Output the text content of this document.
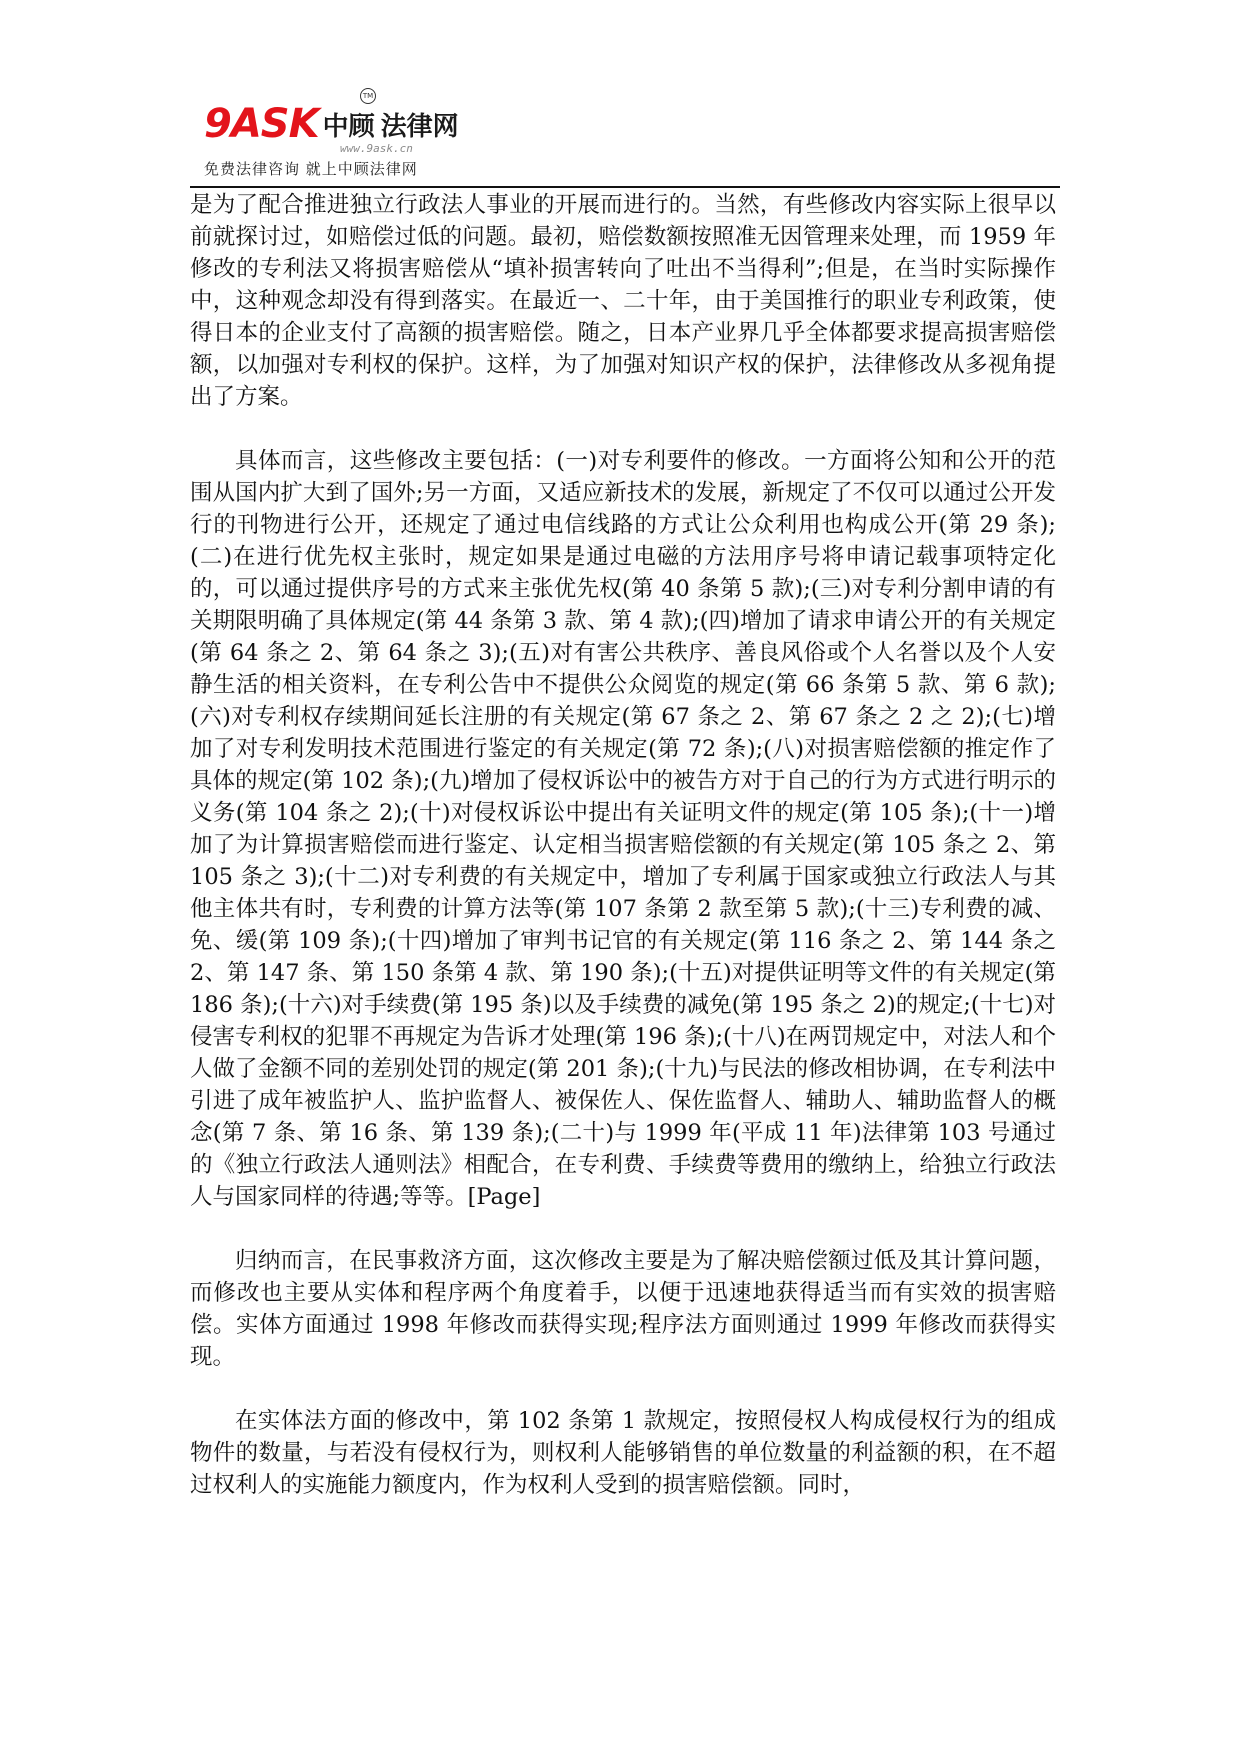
9ASK 中顾 法律网
TM
www.9ask.cn
免费法律咨询 就上中顾法律网

是为了配合推进独立行政法人事业的开展而进行的。当然，有些修改内容实际上很早以前就探讨过，如赔偿过低的问题。最初，赔偿数额按照准无因管理来处理，而 1959 年修改的专利法又将损害赔偿从“填补损害转向了吐出不当得利”;但是，在当时实际操作中，这种观念却没有得到落实。在最近一、二十年，由于美国推行的职业专利政策，使得日本的企业支付了高额的损害赔偿。随之，日本产业界几乎全体都要求提高损害赔偿额，以加强对专利权的保护。这样，为了加强对知识产权的保护，法律修改从多视角提出了方案。

具体而言，这些修改主要包括：(一)对专利要件的修改。一方面将公知和公开的范围从国内扩大到了国外;另一方面，又适应新技术的发展，新规定了不仅可以通过公开发行的刊物进行公开，还规定了通过电信线路的方式让公众利用也构成公开(第 29 条);(二)在进行优先权主张时，规定如果是通过电磁的方法用序号将申请记载事项特定化的，可以通过提供序号的方式来主张优先权(第 40 条第 5 款);(三)对专利分割申请的有关期限明确了具体规定(第 44 条第 3 款、第 4 款);(四)增加了请求申请公开的有关规定(第 64 条之 2、第 64 条之 3);(五)对有害公共秩序、善良风俗或个人名誉以及个人安静生活的相关资料，在专利公告中不提供公众阅览的规定(第 66 条第 5 款、第 6 款);(六)对专利权存续期间延长注册的有关规定(第 67 条之 2、第 67 条之 2 之 2);(七)增加了对专利发明技术范围进行鉴定的有关规定(第 72 条);(八)对损害赔偿额的推定作了具体的规定(第 102 条);(九)增加了侵权诉讼中的被告方对于自己的行为方式进行明示的义务(第 104 条之 2);(十)对侵权诉讼中提出有关证明文件的规定(第 105 条);(十一)增加了为计算损害赔偿而进行鉴定、认定相当损害赔偿额的有关规定(第 105 条之 2、第 105 条之 3);(十二)对专利费的有关规定中，增加了专利属于国家或独立行政法人与其他主体共有时，专利费的计算方法等(第 107 条第 2 款至第 5 款);(十三)专利费的减、免、缓(第 109 条);(十四)增加了审判书记官的有关规定(第 116 条之 2、第 144 条之 2、第 147 条、第 150 条第 4 款、第 190 条);(十五)对提供证明等文件的有关规定(第 186 条);(十六)对手续费(第 195 条)以及手续费的减免(第 195 条之 2)的规定;(十七)对侵害专利权的犯罪不再规定为告诉才处理(第 196 条);(十八)在两罚规定中，对法人和个人做了金额不同的差别处罚的规定(第 201 条);(十九)与民法的修改相协调，在专利法中引进了成年被监护人、监护监督人、被保佐人、保佐监督人、辅助人、辅助监督人的概念(第 7 条、第 16 条、第 139 条);(二十)与 1999 年(平成 11 年)法律第 103 号通过的《独立行政法人通则法》相配合，在专利费、手续费等费用的缴纳上，给独立行政法人与国家同样的待遇;等等。[Page]

归纳而言，在民事救济方面，这次修改主要是为了解决赔偿额过低及其计算问题，而修改也主要从实体和程序两个角度着手，以便于迅速地获得适当而有实效的损害赔偿。实体方面通过 1998 年修改而获得实现;程序法方面则通过 1999 年修改而获得实现。

在实体法方面的修改中，第 102 条第 1 款规定，按照侵权人构成侵权行为的组成物件的数量，与若没有侵权行为，则权利人能够销售的单位数量的利益额的积，在不超过权利人的实施能力额度内，作为权利人受到的损害赔偿额。同时，
